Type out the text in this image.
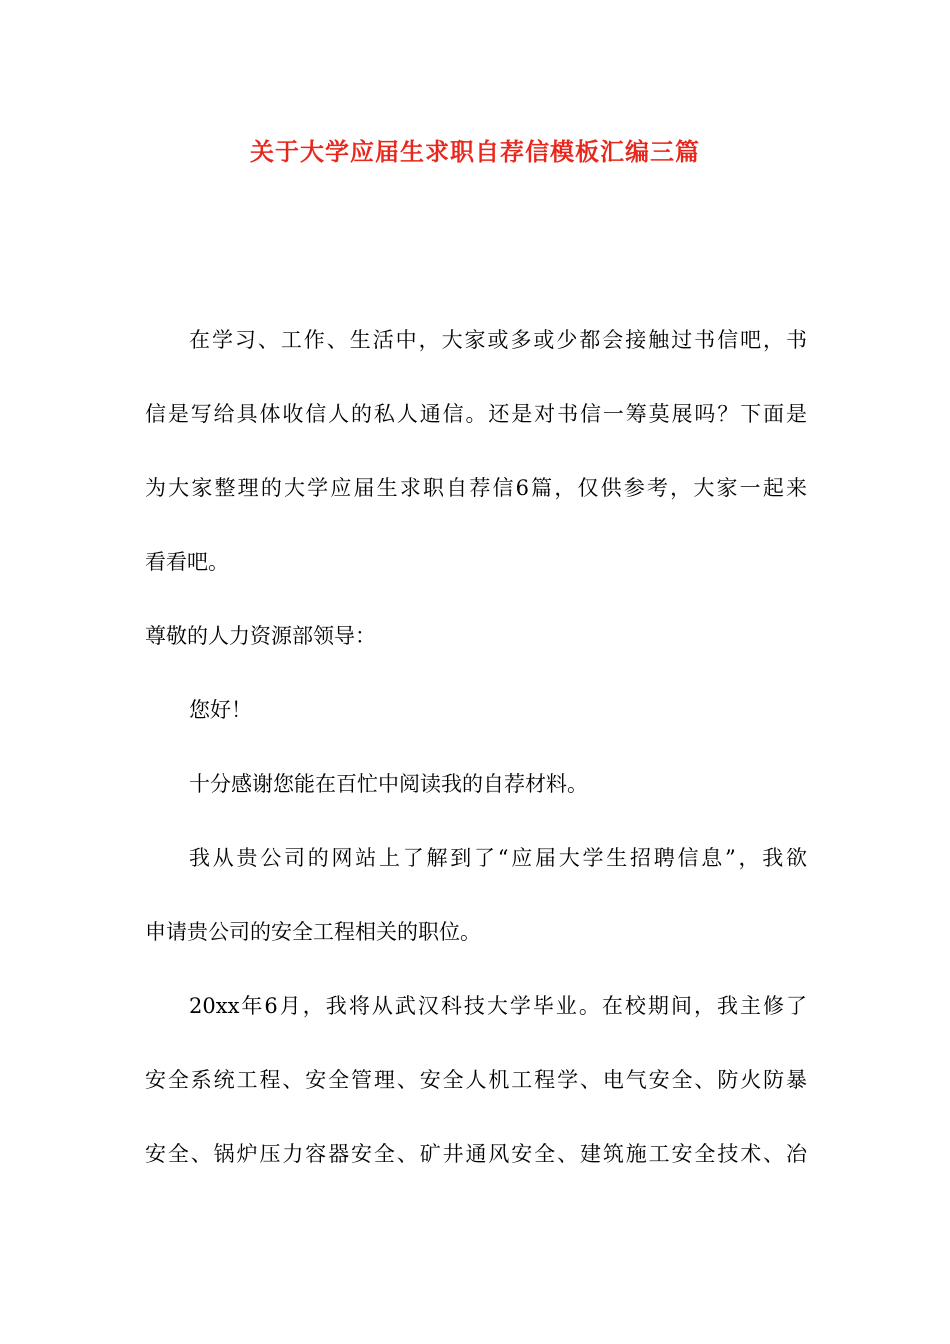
关于大学应届生求职自荐信模板汇编三篇
在学习、工作、生活中，大家或多或少都会接触过书信吧，书
信是写给具体收信人的私人通信。还是对书信一筹莫展吗？下面是
为大家整理的大学应届生求职自荐信6篇，仅供参考，大家一起来
看看吧。
尊敬的人力资源部领导：
您好！
十分感谢您能在百忙中阅读我的自荐材料。
我从贵公司的网站上了解到了“应届大学生招聘信息”，我欲
申请贵公司的安全工程相关的职位。
20xx年6月，我将从武汉科技大学毕业。在校期间，我主修了
安全系统工程、安全管理、安全人机工程学、电气安全、防火防暴
安全、锅炉压力容器安全、矿井通风安全、建筑施工安全技术、冶
